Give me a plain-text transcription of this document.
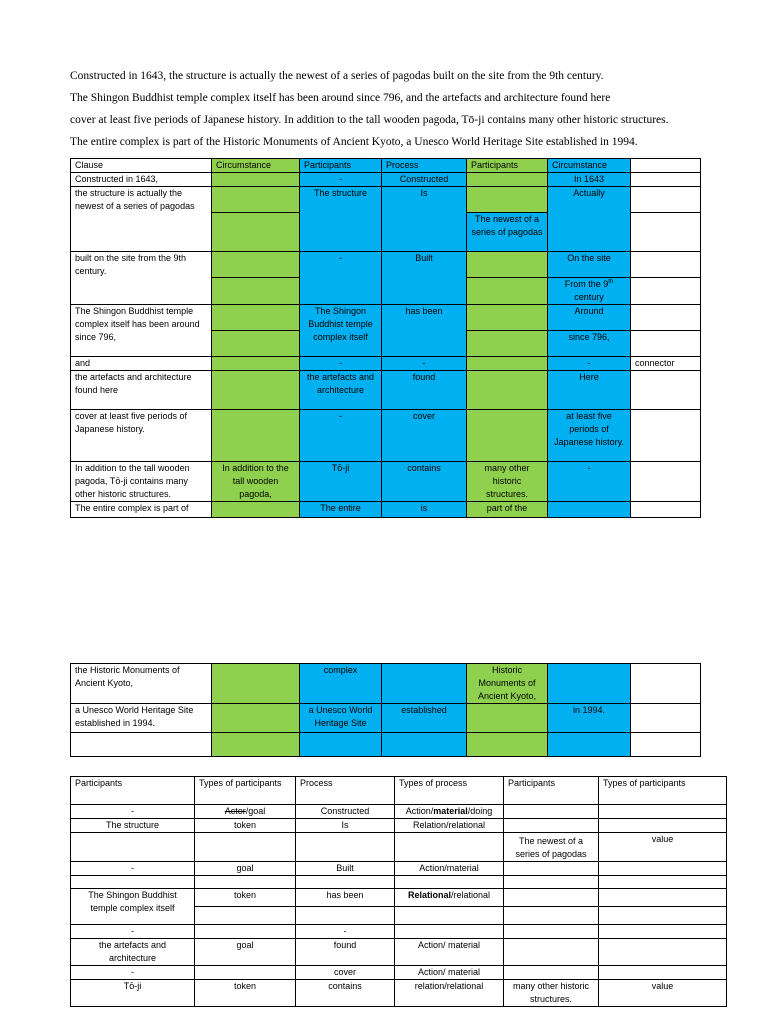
Constructed in 1643, the structure is actually the newest of a series of pagodas built on the site from the 9th century.

The Shingon Buddhist temple complex itself has been around since 796, and the artefacts and architecture found here

cover at least five periods of Japanese history. In addition to the tall wooden pagoda, Tō-ji contains many other historic structures.

The entire complex is part of the Historic Monuments of Ancient Kyoto, a Unesco World Heritage Site established in 1994.

Clause	Circumstance	Participants	Process	Participants	Circumstance	
Constructed in 1643,		-	Constructed		In 1643	
the structure is actually the newest of a series of pagodas		The structure	Is		Actually	
				The newest of a series of pagodas		
built on the site from the 9th century.		-	Built		On the site	
					From the 9th century	
The Shingon Buddhist temple complex itself has been around since 796,		The Shingon Buddhist temple complex itself	has been		Around	
					since 796,	
and		-	-		-	connector
the artefacts and architecture found here		the artefacts and architecture	found		Here	
cover at least five periods of Japanese history.		-	cover		at least five periods of Japanese history.	
In addition to the tall wooden pagoda, Tō-ji contains many other historic structures.	In addition to the tall wooden pagoda,	Tō-ji	contains	many other historic structures.	-	
The entire complex is part of		The entire	is	part of the		
the Historic Monuments of Ancient Kyoto,		complex		Historic Monuments of Ancient Kyoto,		
a Unesco World Heritage Site established in 1994.		a Unesco World Heritage Site	established		in 1994.	

Participants	Types of participants	Process	Types of process	Participants	Types of participants
-	Actor/goal	Constructed	Action/material/doing		
The structure	token	Is	Relation/relational		
				The newest of a series of pagodas	value
-	goal	Built	Action/material		

The Shingon Buddhist temple complex itself	token	has been	Relational/relational		

-		-			
the artefacts and architecture	goal	found	Action/ material		
-		cover	Action/ material		
Tō-ji	token	contains	relation/relational	many other historic structures.	value
